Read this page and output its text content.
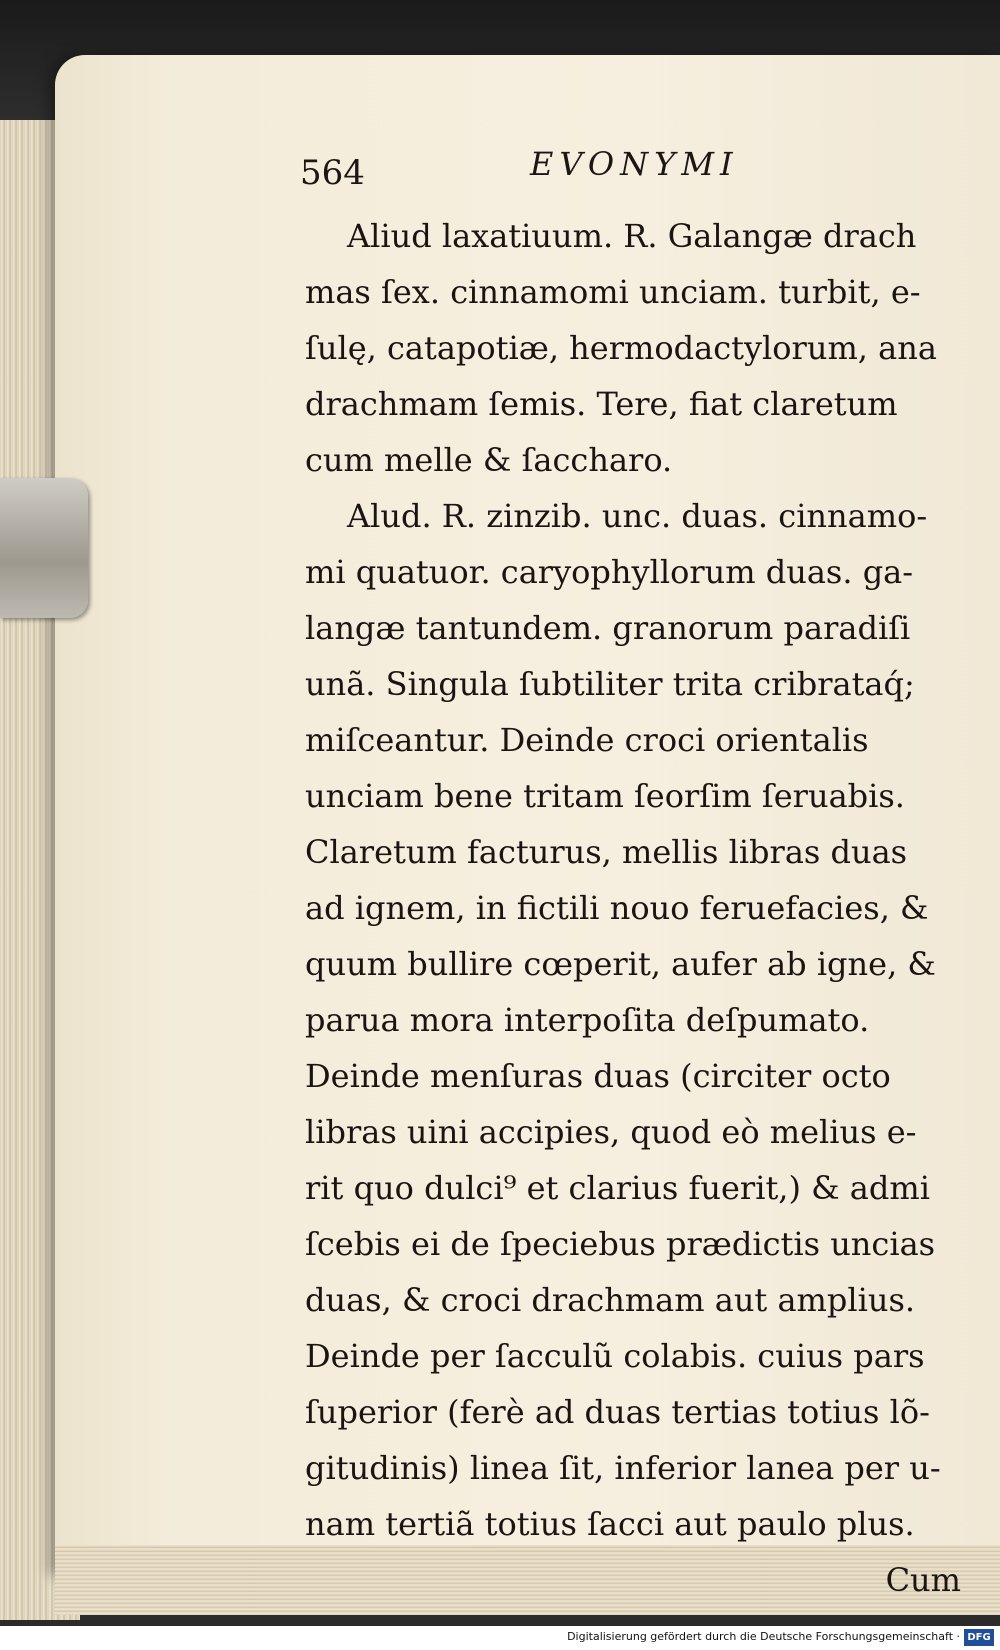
564	EVONYMI
Aliud laxatiuum. R. Galangæ drach
mas ſex. cinnamomi unciam. turbit, e-
ſulę, catapotiæ, hermodactylorum, ana
drachmam ſemis. Tere, fiat claretum
cum melle & ſaccharo.
Alud. R. zinzib. unc. duas. cinnamo-
mi quatuor. caryophyllorum duas. ga-
langæ tantundem. granorum paradiſi
unã. Singula ſubtiliter trita cribrataq́;
miſceantur. Deinde croci orientalis
unciam bene tritam ſeorſim ſeruabis.
Claretum facturus, mellis libras duas
ad ignem, in fictili nouo feruefacies, &
quum bullire cœperit, aufer ab igne, &
parua mora interpoſita deſpumato.
Deinde menſuras duas (circiter octo
libras uini accipies, quod eò melius e-
rit quo dulci⁹ et clarius fuerit,) & admi
ſcebis ei de ſpeciebus prædictis uncias
duas, & croci drachmam aut amplius.
Deinde per ſacculũ colabis. cuius pars
ſuperior (ferè ad duas tertias totius lõ-
gitudinis) linea ſit, inferior lanea per u-
nam tertiã totius ſacci aut paulo plus.
Cum
Digitalisierung gefördert durch die Deutsche Forschungsgemeinschaft · DFG
